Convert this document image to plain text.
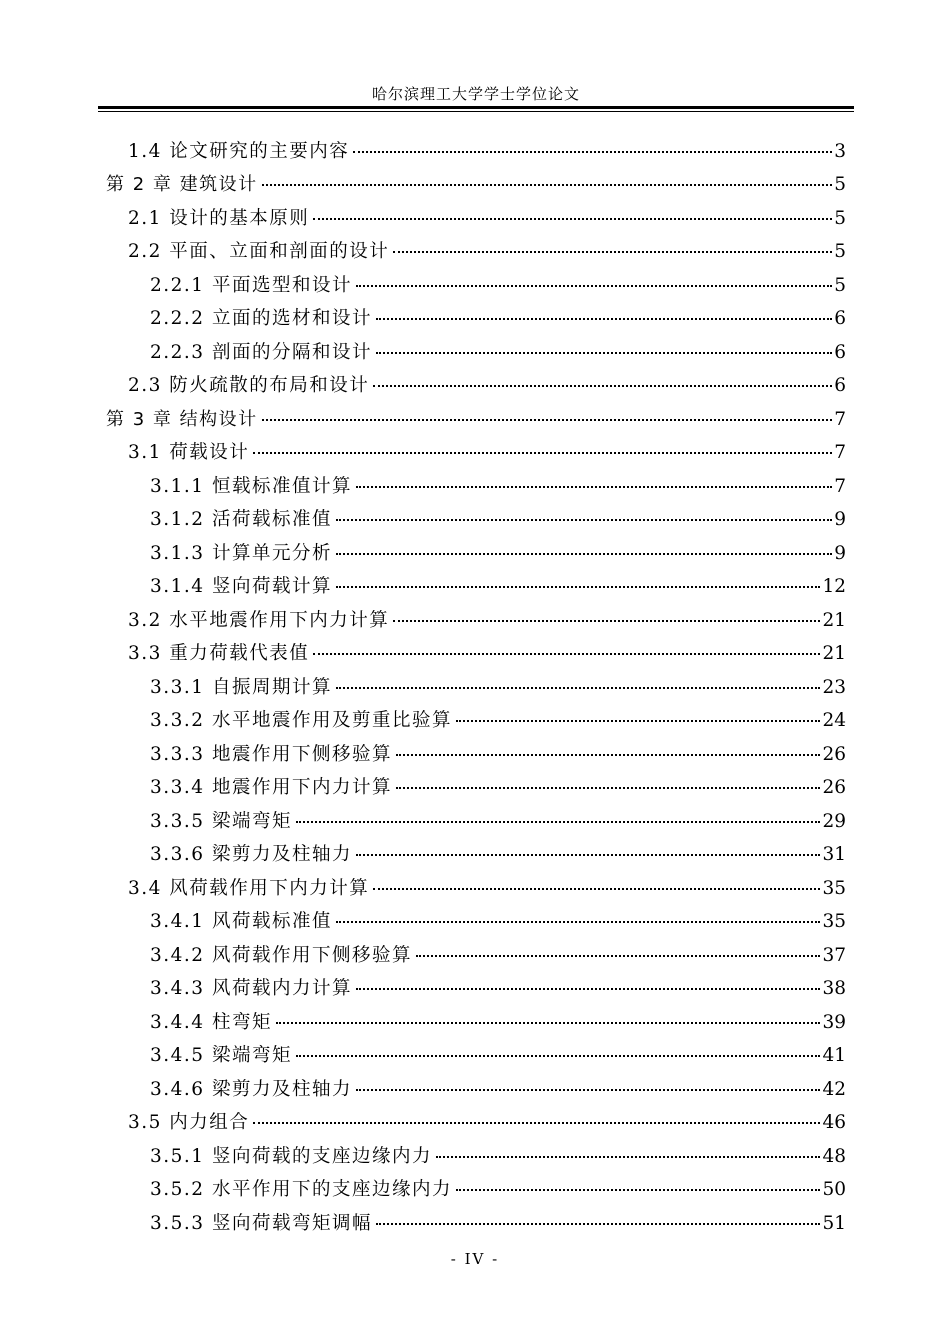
哈尔滨理工大学学士学位论文
1.4 论文研究的主要内容	3
第 2 章 建筑设计	5
2.1 设计的基本原则	5
2.2 平面、立面和剖面的设计	5
2.2.1 平面选型和设计	5
2.2.2 立面的选材和设计	6
2.2.3 剖面的分隔和设计	6
2.3 防火疏散的布局和设计	6
第 3 章 结构设计	7
3.1 荷载设计	7
3.1.1 恒载标准值计算	7
3.1.2 活荷载标准值	9
3.1.3 计算单元分析	9
3.1.4 竖向荷载计算	12
3.2 水平地震作用下内力计算	21
3.3 重力荷载代表值	21
3.3.1 自振周期计算	23
3.3.2 水平地震作用及剪重比验算	24
3.3.3 地震作用下侧移验算	26
3.3.4 地震作用下内力计算	26
3.3.5 梁端弯矩	29
3.3.6 梁剪力及柱轴力	31
3.4 风荷载作用下内力计算	35
3.4.1 风荷载标准值	35
3.4.2 风荷载作用下侧移验算	37
3.4.3 风荷载内力计算	38
3.4.4 柱弯矩	39
3.4.5 梁端弯矩	41
3.4.6 梁剪力及柱轴力	42
3.5 内力组合	46
3.5.1 竖向荷载的支座边缘内力	48
3.5.2 水平作用下的支座边缘内力	50
3.5.3 竖向荷载弯矩调幅	51
- IV -
